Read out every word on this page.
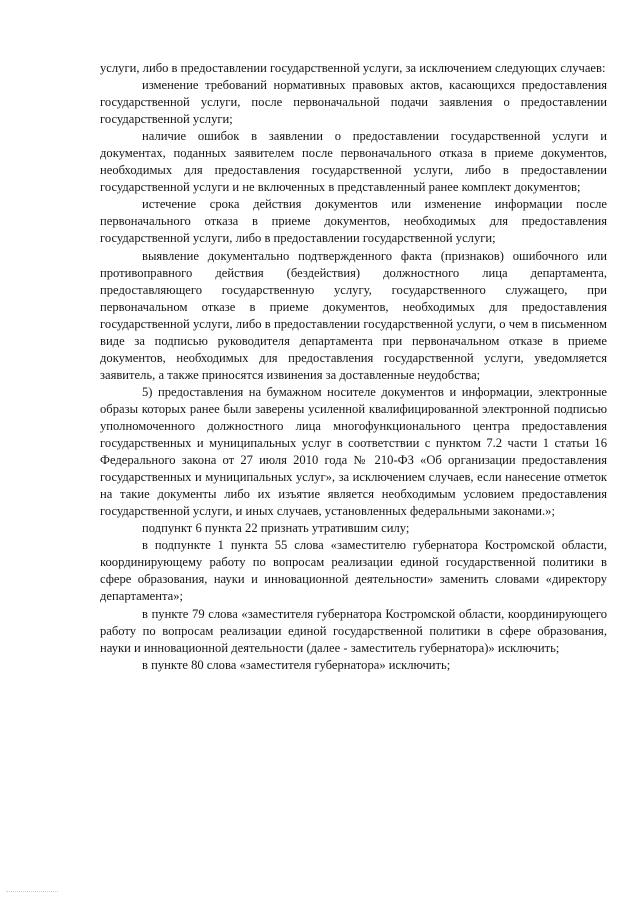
услуги, либо в предоставлении государственной услуги, за исключением следующих случаев:

изменение требований нормативных правовых актов, касающихся предоставления государственной услуги, после первоначальной подачи заявления о предоставлении государственной услуги;

наличие ошибок в заявлении о предоставлении государственной услуги и документах, поданных заявителем после первоначального отказа в приеме документов, необходимых для предоставления государственной услуги, либо в предоставлении государственной услуги и не включенных в представленный ранее комплект документов;

истечение срока действия документов или изменение информации после первоначального отказа в приеме документов, необходимых для предоставления государственной услуги, либо в предоставлении государственной услуги;

выявление документально подтвержденного факта (признаков) ошибочного или противоправного действия (бездействия) должностного лица департамента, предоставляющего государственную услугу, государственного служащего, при первоначальном отказе в приеме документов, необходимых для предоставления государственной услуги, либо в предоставлении государственной услуги, о чем в письменном виде за подписью руководителя департамента при первоначальном отказе в приеме документов, необходимых для предоставления государственной услуги, уведомляется заявитель, а также приносятся извинения за доставленные неудобства;

5) предоставления на бумажном носителе документов и информации, электронные образы которых ранее были заверены усиленной квалифицированной электронной подписью уполномоченного должностного лица многофункционального центра предоставления государственных и муниципальных услуг в соответствии с пунктом 7.2 части 1 статьи 16 Федерального закона от 27 июля 2010 года № 210-ФЗ «Об организации предоставления государственных и муниципальных услуг», за исключением случаев, если нанесение отметок на такие документы либо их изъятие является необходимым условием предоставления государственной услуги, и иных случаев, установленных федеральными законами.»;

подпункт 6 пункта 22 признать утратившим силу;

в подпункте 1 пункта 55 слова «заместителю губернатора Костромской области, координирующему работу по вопросам реализации единой государственной политики в сфере образования, науки и инновационной деятельности» заменить словами «директору департамента»;

в пункте 79 слова «заместителя губернатора Костромской области, координирующего работу по вопросам реализации единой государственной политики в сфере образования, науки и инновационной деятельности (далее - заместитель губернатора)» исключить;

в пункте 80 слова «заместителя губернатора» исключить;
